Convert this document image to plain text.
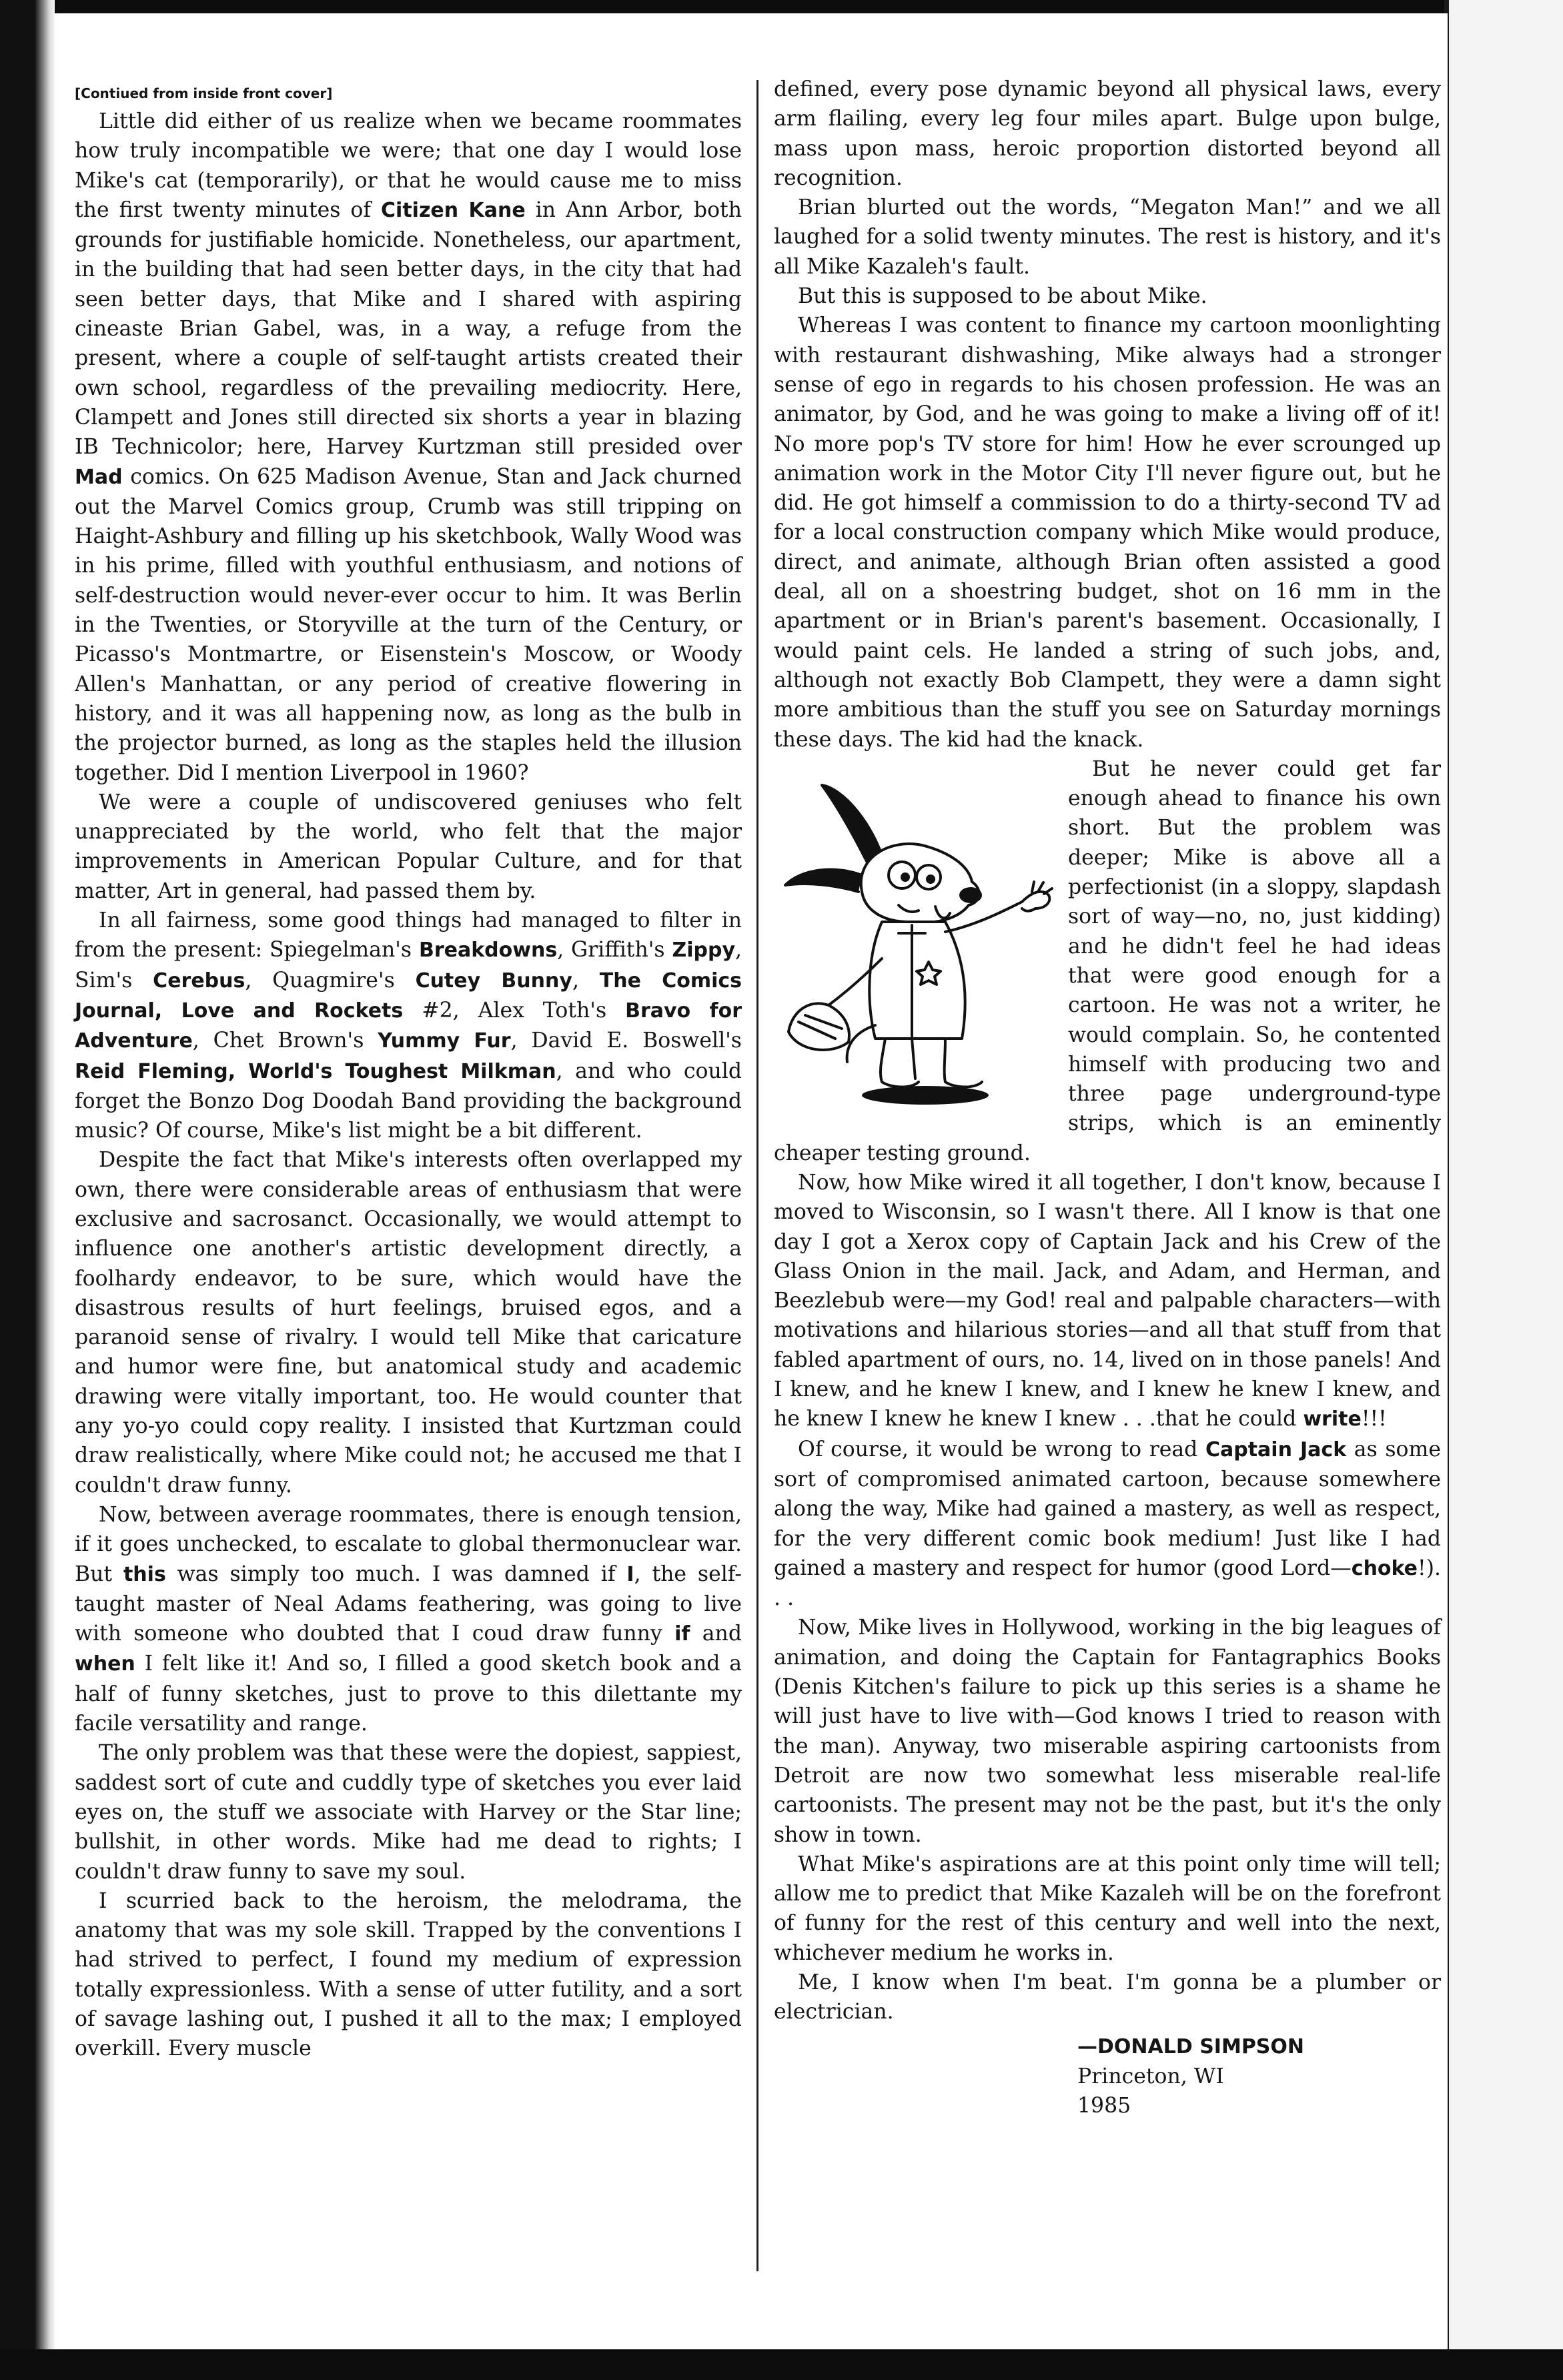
[Contiued from inside front cover]

Little did either of us realize when we became roommates how truly incompatible we were; that one day I would lose Mike's cat (temporarily), or that he would cause me to miss the first twenty minutes of Citizen Kane in Ann Arbor, both grounds for justifiable homicide. Nonetheless, our apartment, in the building that had seen better days, in the city that had seen better days, that Mike and I shared with aspiring cineaste Brian Gabel, was, in a way, a refuge from the present, where a couple of self-taught artists created their own school, regardless of the prevailing mediocrity. Here, Clampett and Jones still directed six shorts a year in blazing IB Technicolor; here, Harvey Kurtzman still presided over Mad comics. On 625 Madison Avenue, Stan and Jack churned out the Marvel Comics group, Crumb was still tripping on Haight-Ashbury and filling up his sketchbook, Wally Wood was in his prime, filled with youthful enthusiasm, and notions of self-destruction would never-ever occur to him. It was Berlin in the Twenties, or Storyville at the turn of the Century, or Picasso's Montmartre, or Eisenstein's Moscow, or Woody Allen's Manhattan, or any period of creative flowering in history, and it was all happening now, as long as the bulb in the projector burned, as long as the staples held the illusion together. Did I mention Liverpool in 1960?

We were a couple of undiscovered geniuses who felt unappreciated by the world, who felt that the major improvements in American Popular Culture, and for that matter, Art in general, had passed them by.

In all fairness, some good things had managed to filter in from the present: Spiegelman's Breakdowns, Griffith's Zippy, Sim's Cerebus, Quagmire's Cutey Bunny, The Comics Journal, Love and Rockets #2, Alex Toth's Bravo for Adventure, Chet Brown's Yummy Fur, David E. Boswell's Reid Fleming, World's Toughest Milkman, and who could forget the Bonzo Dog Doodah Band providing the background music? Of course, Mike's list might be a bit different.

Despite the fact that Mike's interests often overlapped my own, there were considerable areas of enthusiasm that were exclusive and sacrosanct. Occasionally, we would attempt to influence one another's artistic development directly, a foolhardy endeavor, to be sure, which would have the disastrous results of hurt feelings, bruised egos, and a paranoid sense of rivalry. I would tell Mike that caricature and humor were fine, but anatomical study and academic drawing were vitally important, too. He would counter that any yo-yo could copy reality. I insisted that Kurtzman could draw realistically, where Mike could not; he accused me that I couldn't draw funny.

Now, between average roommates, there is enough tension, if it goes unchecked, to escalate to global thermonuclear war. But this was simply too much. I was damned if I, the self-taught master of Neal Adams feathering, was going to live with someone who doubted that I coud draw funny if and when I felt like it! And so, I filled a good sketch book and a half of funny sketches, just to prove to this dilettante my facile versatility and range.

The only problem was that these were the dopiest, sappiest, saddest sort of cute and cuddly type of sketches you ever laid eyes on, the stuff we associate with Harvey or the Star line; bullshit, in other words. Mike had me dead to rights; I couldn't draw funny to save my soul.

I scurried back to the heroism, the melodrama, the anatomy that was my sole skill. Trapped by the conventions I had strived to perfect, I found my medium of expression totally expressionless. With a sense of utter futility, and a sort of savage lashing out, I pushed it all to the max; I employed overkill. Every muscle

defined, every pose dynamic beyond all physical laws, every arm flailing, every leg four miles apart. Bulge upon bulge, mass upon mass, heroic proportion distorted beyond all recognition.

Brian blurted out the words, “Megaton Man!” and we all laughed for a solid twenty minutes. The rest is history, and it's all Mike Kazaleh's fault.

But this is supposed to be about Mike.

Whereas I was content to finance my cartoon moonlighting with restaurant dishwashing, Mike always had a stronger sense of ego in regards to his chosen profession. He was an animator, by God, and he was going to make a living off of it! No more pop's TV store for him! How he ever scrounged up animation work in the Motor City I'll never figure out, but he did. He got himself a commission to do a thirty-second TV ad for a local construction company which Mike would produce, direct, and animate, although Brian often assisted a good deal, all on a shoestring budget, shot on 16 mm in the apartment or in Brian's parent's basement. Occasionally, I would paint cels. He landed a string of such jobs, and, although not exactly Bob Clampett, they were a damn sight more ambitious than the stuff you see on Saturday mornings these days. The kid had the knack.

But he never could get far enough ahead to finance his own short. But the problem was deeper; Mike is above all a perfectionist (in a sloppy, slapdash sort of way—no, no, just kidding) and he didn't feel he had ideas that were good enough for a cartoon. He was not a writer, he would complain. So, he contented himself with producing two and three page underground-type strips, which is an eminently cheaper testing ground.

Now, how Mike wired it all together, I don't know, because I moved to Wisconsin, so I wasn't there. All I know is that one day I got a Xerox copy of Captain Jack and his Crew of the Glass Onion in the mail. Jack, and Adam, and Herman, and Beezlebub were—my God! real and palpable characters—with motivations and hilarious stories—and all that stuff from that fabled apartment of ours, no. 14, lived on in those panels! And I knew, and he knew I knew, and I knew he knew I knew, and he knew I knew he knew I knew . . .that he could write!!!

Of course, it would be wrong to read Captain Jack as some sort of compromised animated cartoon, because somewhere along the way, Mike had gained a mastery, as well as respect, for the very different comic book medium! Just like I had gained a mastery and respect for humor (good Lord—choke!). . .

Now, Mike lives in Hollywood, working in the big leagues of animation, and doing the Captain for Fantagraphics Books (Denis Kitchen's failure to pick up this series is a shame he will just have to live with—God knows I tried to reason with the man). Anyway, two miserable aspiring cartoonists from Detroit are now two somewhat less miserable real-life cartoonists. The present may not be the past, but it's the only show in town.

What Mike's aspirations are at this point only time will tell; allow me to predict that Mike Kazaleh will be on the forefront of funny for the rest of this century and well into the next, whichever medium he works in.

Me, I know when I'm beat. I'm gonna be a plumber or electrician.

—DONALD SIMPSON
Princeton, WI
1985
